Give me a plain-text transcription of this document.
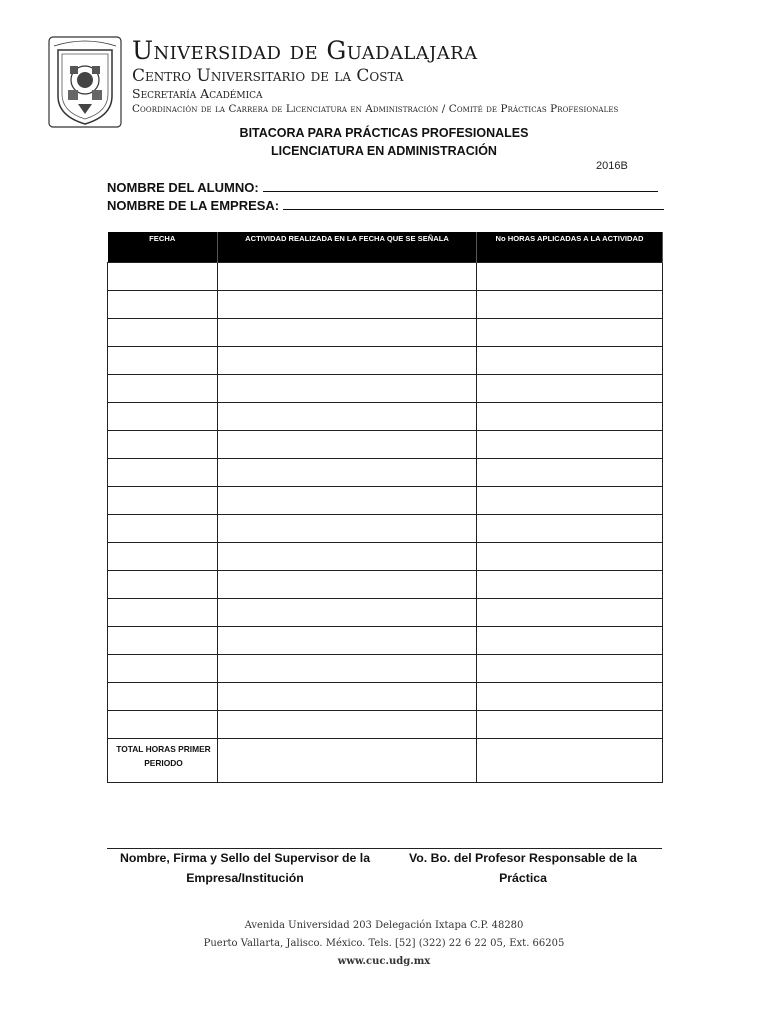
Universidad de Guadalajara
Centro Universitario de la Costa
Secretaría Académica
Coordinación de la Carrera de Licenciatura en Administración / Comité de Prácticas Profesionales
BITACORA PARA PRÁCTICAS PROFESIONALES
LICENCIATURA EN ADMINISTRACIÓN
2016B
NOMBRE DEL ALUMNO:
NOMBRE DE LA EMPRESA:
FECHA	ACTIVIDAD REALIZADA EN LA FECHA QUE SE SEÑALA	No HORAS APLICADAS A LA ACTIVIDAD

TOTAL HORAS PRIMER PERIODO		
Nombre, Firma y Sello del Supervisor de la Empresa/Institución
Vo. Bo. del Profesor Responsable de la Práctica
Avenida Universidad 203 Delegación Ixtapa C.P. 48280
Puerto Vallarta, Jalisco. México. Tels. [52] (322) 22 6 22 05, Ext. 66205
www.cuc.udg.mx
